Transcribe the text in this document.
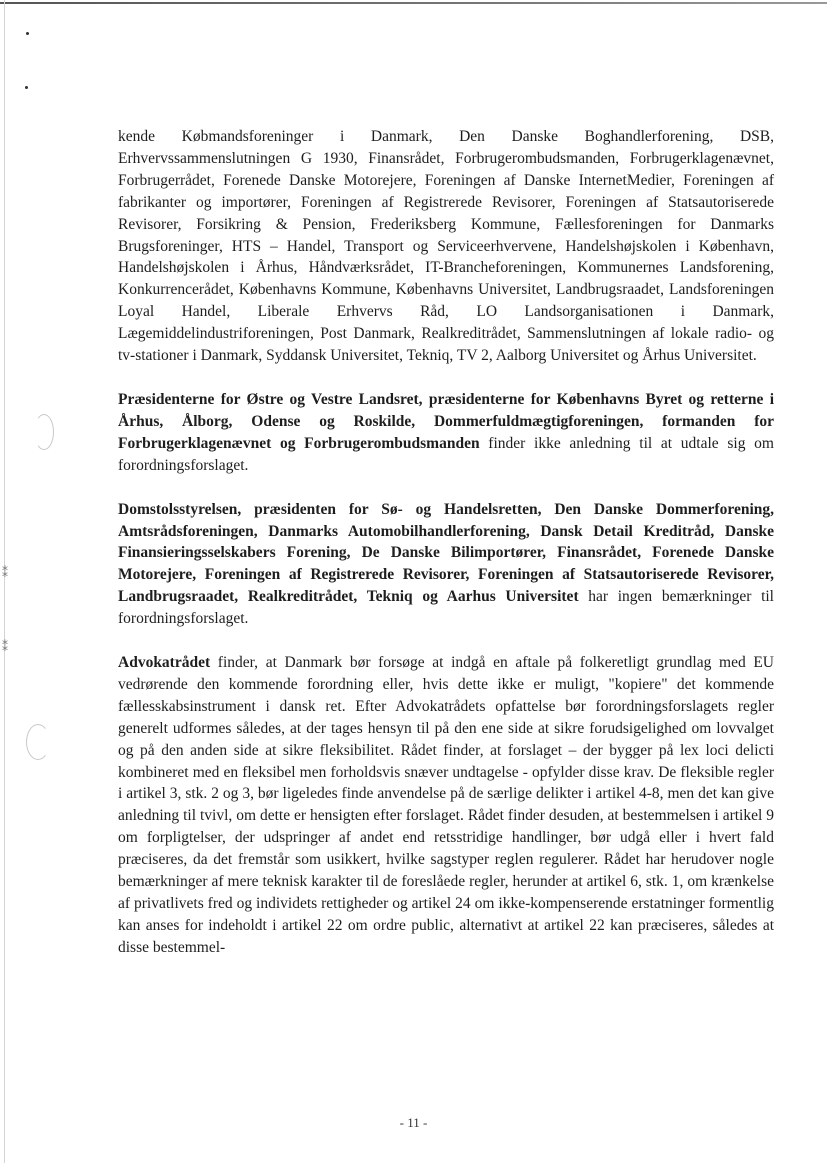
⁑
⁑

kende Købmandsforeninger i Danmark, Den Danske Boghandlerforening, DSB, Erhvervssammenslutningen G 1930, Finansrådet, Forbrugerombudsmanden, Forbrugerklagenævnet, Forbrugerrådet, Forenede Danske Motorejere, Foreningen af Danske InternetMedier, Foreningen af fabrikanter og importører, Foreningen af Registrerede Revisorer, Foreningen af Statsautoriserede Revisorer, Forsikring & Pension, Frederiksberg Kommune, Fællesforeningen for Danmarks Brugsforeninger, HTS – Handel, Transport og Serviceerhvervene, Handelshøjskolen i København, Handelshøjskolen i Århus, Håndværksrådet, IT-Brancheforeningen, Kommunernes Landsforening, Konkurrencerådet, Københavns Kommune, Københavns Universitet, Landbrugsraadet, Landsforeningen Loyal Handel, Liberale Erhvervs Råd, LO Landsorganisationen i Danmark, Lægemiddelindustriforeningen, Post Danmark, Realkreditrådet, Sammenslutningen af lokale radio- og tv-stationer i Danmark, Syddansk Universitet, Tekniq, TV 2, Aalborg Universitet og Århus Universitet.

Præsidenterne for Østre og Vestre Landsret, præsidenterne for Københavns Byret og retterne i Århus, Ålborg, Odense og Roskilde, Dommerfuldmægtigforeningen, formanden for Forbrugerklagenævnet og Forbrugerombudsmanden finder ikke anledning til at udtale sig om forordningsforslaget.

Domstolsstyrelsen, præsidenten for Sø- og Handelsretten, Den Danske Dommerforening, Amtsrådsforeningen, Danmarks Automobilhandlerforening, Dansk Detail Kreditråd, Danske Finansieringsselskabers Forening, De Danske Bilimportører, Finansrådet, Forenede Danske Motorejere, Foreningen af Registrerede Revisorer, Foreningen af Statsautoriserede Revisorer, Landbrugsraadet, Realkreditrådet, Tekniq og Aarhus Universitet har ingen bemærkninger til forordningsforslaget.

Advokatrådet finder, at Danmark bør forsøge at indgå en aftale på folkeretligt grundlag med EU vedrørende den kommende forordning eller, hvis dette ikke er muligt, "kopiere" det kommende fællesskabsinstrument i dansk ret. Efter Advokatrådets opfattelse bør forordningsforslagets regler generelt udformes således, at der tages hensyn til på den ene side at sikre forudsigelighed om lovvalget og på den anden side at sikre fleksibilitet. Rådet finder, at forslaget – der bygger på lex loci delicti kombineret med en fleksibel men forholdsvis snæver undtagelse - opfylder disse krav. De fleksible regler i artikel 3, stk. 2 og 3, bør ligeledes finde anvendelse på de særlige delikter i artikel 4-8, men det kan give anledning til tvivl, om dette er hensigten efter forslaget. Rådet finder desuden, at bestemmelsen i artikel 9 om forpligtelser, der udspringer af andet end retsstridige handlinger, bør udgå eller i hvert fald præciseres, da det fremstår som usikkert, hvilke sagstyper reglen regulerer. Rådet har herudover nogle bemærkninger af mere teknisk karakter til de foreslåede regler, herunder at artikel 6, stk. 1, om krænkelse af privatlivets fred og individets rettigheder og artikel 24 om ikke-kompenserende erstatninger formentlig kan anses for indeholdt i artikel 22 om ordre public, alternativt at artikel 22 kan præciseres, således at disse bestemmel-

- 11 -
